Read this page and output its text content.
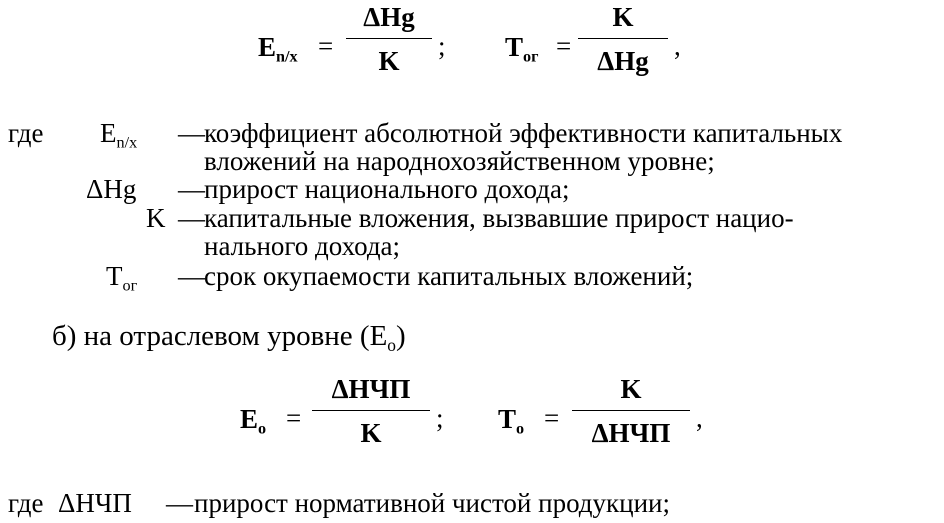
$E_{n/x}$ =
ΔHg
K	; $T_{ог}$ =
K
ΔHg ,
где $E_{n/x}$ — коэффициент абсолютной эффективности капитальных
вложений на народнохозяйственном уровне;
ΔHg — прирост национального дохода;
K — капитальные вложения, вызвавшие прирост нацио-
нального дохода;
$T_{ог}$ — срок окупаемости капитальных вложений;
б) на отраслевом уровне $(E_о)$
$E_о$ =
ΔНЧП
K	; $T_о$ =
K
ΔНЧП ,
где ΔНЧП — прирост нормативной чистой продукции;
